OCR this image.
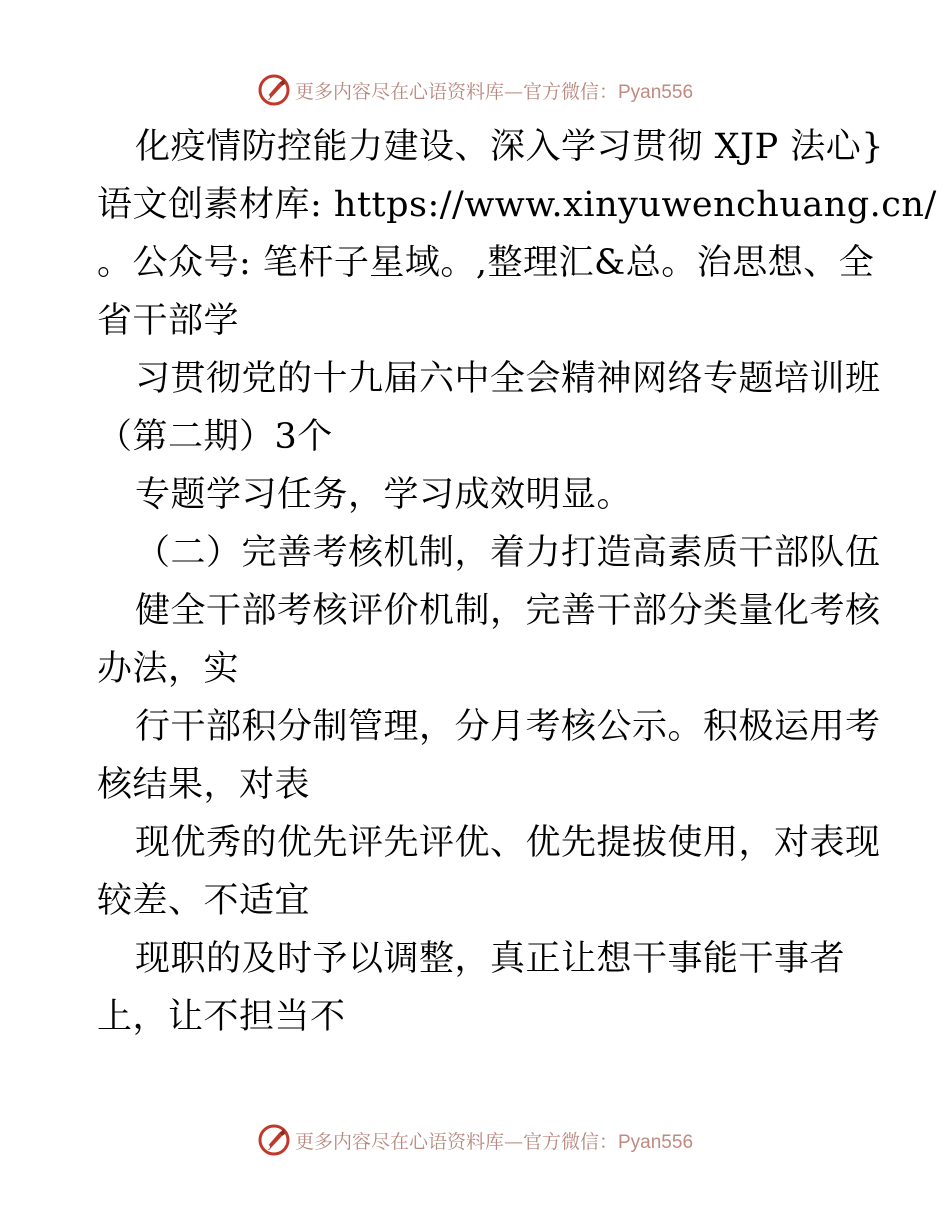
更多内容尽在心语资料库—官方微信：Pyan556
化疫情防控能力建设、深入学习贯彻 XJP 法心}
语文创素材库: https://www.xinyuwenchuang.cn/
。公众号: 笔杆子星域。,整理汇&总。治思想、全
省干部学
习贯彻党的十九届六中全会精神网络专题培训班
（第二期）3个
专题学习任务，学习成效明显。
（二）完善考核机制，着力打造高素质干部队伍
健全干部考核评价机制，完善干部分类量化考核
办法，实
行干部积分制管理，分月考核公示。积极运用考
核结果，对表
现优秀的优先评先评优、优先提拔使用，对表现
较差、不适宜
现职的及时予以调整，真正让想干事能干事者
上，让不担当不
更多内容尽在心语资料库—官方微信：Pyan556
